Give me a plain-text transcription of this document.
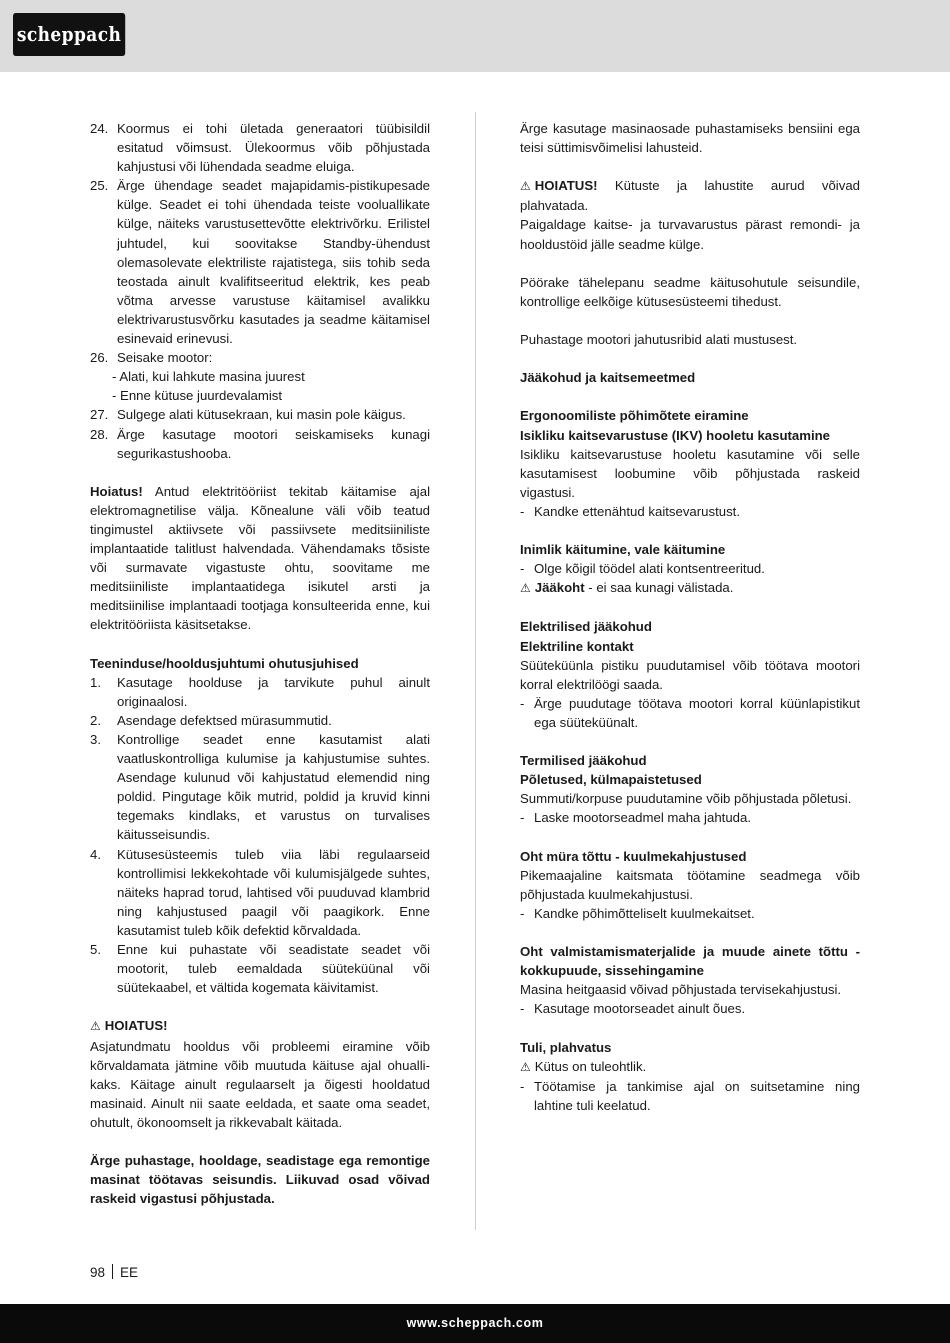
scheppach
24. Koormus ei tohi ületada generaatori tüübisildil esitatud võimsust. Ülekoormus võib põhjustada kahjustusi või lühendada seadme eluiga.
25. Ärge ühendage seadet majapidamis-pistikupesade külge. Seadet ei tohi ühendada teiste vooluallikate külge, näiteks varustusettevõtte elektrivõrku. Erilistel juhtudel, kui soovitakse Standby-ühendust olemasolevate elektriliste rajatistega, siis tohib seda teostada ainult kvalifitseeritud elektrik, kes peab võtma arvesse varustuse käitamisel avalikku elektrivarustusvõrku kasutades ja seadme käitamisel esinevaid erinevusi.
26. Seisake mootor:
- Alati, kui lahkute masina juurest
- Enne kütuse juurdevalamist
27. Sulgege alati kütusekraan, kui masin pole käigus.
28. Ärge kasutage mootori seiskamiseks kunagi segurikastushoobа.

Hoiatus! Antud elektritööriist tekitab käitamise ajal elektromagnetilise välja. Kõnealune väli võib teatud tingimustel aktiivsete või passiivsete meditsiiniliste implantaatide talitlust halvendada. Vähendamaks tõsiste või surmavate vigastuste ohtu, soovitame me meditsiiniliste implantaatidega isikutel arsti ja meditsiinilise implantaadi tootjaga konsulteerida enne, kui elektritööriista käsitsetakse.

Teeninduse/hooldusjuhtumi ohutusjuhised

1.	Kasutage hoolduse ja tarvikute puhul ainult originaalosi.
2.	Asendage defektsed mürasummutid.
3.	Kontrollige seadet enne kasutamist alati vaatluskontrolliga kulumise ja kahjustumise suhtes. Asendage kulunud või kahjustatud elemendid ning poldid. Pingutage kõik mutrid, poldid ja kruvid kinni tegemaks kindlaks, et varustus on turvalises käitusseisundis.
4.	Kütusesüsteemis tuleb viia läbi regulaarseid kontrollimisi lekkekohtade või kulumisjälgede suhtes, näiteks haprad torud, lahtised või puuduvad klambrid ning kahjustused paagil või paagikork. Enne kasutamist tuleb kõik defektid kõrvaldada.
5.	Enne kui puhastate või seadistate seadet või mootorit, tuleb eemaldada süüteküünal või süütekaabel, et vältida kogemata käivitamist.

⚠ HOIATUS!

Asjatundmatu hooldus või probleemi eiramine võib kõrvaldamata jätmine võib muutuda käituse ajal ohualli-kaks. Käitage ainult regulaarselt ja õigesti hooldatud masinaid. Ainult nii saate eeldada, et saate oma seadet, ohutult, ökonoomselt ja rikkevabalt käitada.

Ärge puhastage, hooldage, seadistage ega remontige masinat töötavas seisundis. Liikuvad osad võivad raskeid vigastusi põhjustada.

Ärge kasutage masinaosade puhastamiseks bensiini ega teisi süttimisvõimelisi lahusteid.

⚠ HOIATUS! Kütuste ja lahustite aurud võivad plahvatada.

Paigaldage kaitse- ja turvavarustus pärast remondi- ja hooldustöid jälle seadme külge.

Pöörake tähelepanu seadme käitusohutule seisundile, kontrollige eelkõige kütusesüsteemi tihedust.

Puhastage mootori jahutusribid alati mustusest.

Jääkohud ja kaitsemeetmed

Ergonoomiliste põhimõtete eiramine

Isikliku kaitsevarustuse (IKV) hooletu kasutamine

Isikliku kaitsevarustuse hooletu kasutamine või selle kasutamisest loobumine võib põhjustada raskeid vigastusi.

- Kandke ettenähtud kaitsevarustust.

Inimlik käitumine, vale käitumine

- Olge kõigil töödel alati kontsentreeritud.

⚠ Jääkoht - ei saa kunagi välistada.

Elektrilised jääkohud

Elektriline kontakt

Süüteküünla pistiku puudutamisel võib töötava mootori korral elektrilöögi saada.

- Ärge puudutage töötava mootori korral küünlapistikut ega süüteküünalt.

Termilised jääkohud

Põletused, külmapaistetused

Summuti/korpuse puudutamine võib põhjustada põletusi.

- Laske mootorseadmel maha jahtuda.

Oht müra tõttu - kuulmekahjustused

Pikemaajaline kaitsmata töötamine seadmega võib põhjustada kuulmekahjustusi.

- Kandke põhimõtteliselt kuulmekaitset.

Oht valmistamismaterjalide ja muude ainete tõttu - kokkupuude, sissehingamine

Masina heitgaasid võivad põhjustada tervisekahjustusi.

- Kasutage mootorseadet ainult õues.

Tuli, plahvatus

⚠ Kütus on tuleohtlik.

- Töötamise ja tankimise ajal on suitsetamine ning lahtine tuli keelatud.
98 EE
www.scheppach.com
